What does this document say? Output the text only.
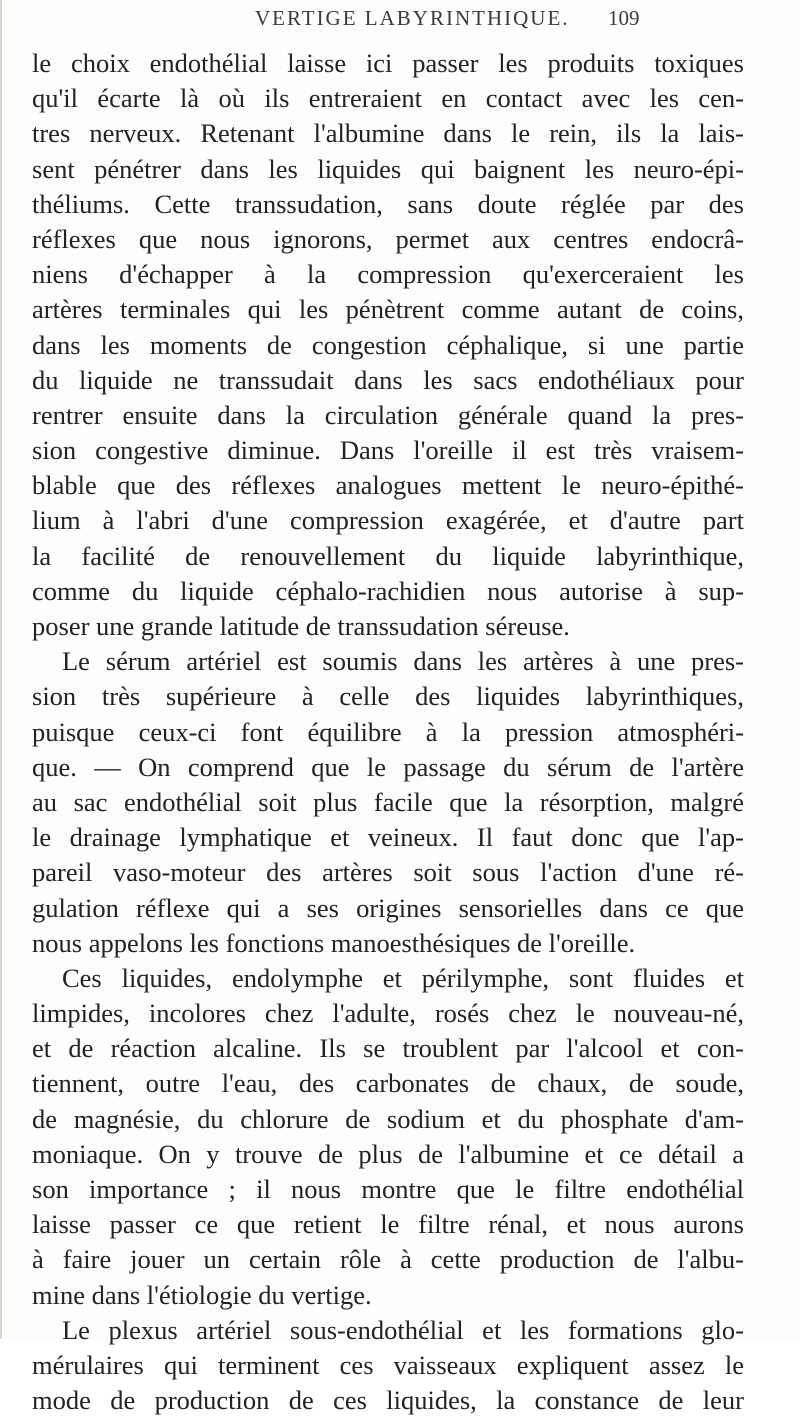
VERTIGE LABYRINTHIQUE. 109
le choix endothélial laisse ici passer les produits toxiques
qu'il écarte là où ils entreraient en contact avec les cen-
tres nerveux. Retenant l'albumine dans le rein, ils la lais-
sent pénétrer dans les liquides qui baignent les neuro-épi-
théliums. Cette transsudation, sans doute réglée par des
réflexes que nous ignorons, permet aux centres endocrâ-
niens d'échapper à la compression qu'exerceraient les
artères terminales qui les pénètrent comme autant de coins,
dans les moments de congestion céphalique, si une partie
du liquide ne transsudait dans les sacs endothéliaux pour
rentrer ensuite dans la circulation générale quand la pres-
sion congestive diminue. Dans l'oreille il est très vraisem-
blable que des réflexes analogues mettent le neuro-épithé-
lium à l'abri d'une compression exagérée, et d'autre part
la facilité de renouvellement du liquide labyrinthique,
comme du liquide céphalo-rachidien nous autorise à sup-
poser une grande latitude de transsudation séreuse.
Le sérum artériel est soumis dans les artères à une pres-
sion très supérieure à celle des liquides labyrinthiques,
puisque ceux-ci font équilibre à la pression atmosphéri-
que. — On comprend que le passage du sérum de l'artère
au sac endothélial soit plus facile que la résorption, malgré
le drainage lymphatique et veineux. Il faut donc que l'ap-
pareil vaso-moteur des artères soit sous l'action d'une ré-
gulation réflexe qui a ses origines sensorielles dans ce que
nous appelons les fonctions manoesthésiques de l'oreille.
Ces liquides, endolymphe et périlymphe, sont fluides et
limpides, incolores chez l'adulte, rosés chez le nouveau-né,
et de réaction alcaline. Ils se troublent par l'alcool et con-
tiennent, outre l'eau, des carbonates de chaux, de soude,
de magnésie, du chlorure de sodium et du phosphate d'am-
moniaque. On y trouve de plus de l'albumine et ce détail a
son importance ; il nous montre que le filtre endothélial
laisse passer ce que retient le filtre rénal, et nous aurons
à faire jouer un certain rôle à cette production de l'albu-
mine dans l'étiologie du vertige.
Le plexus artériel sous-endothélial et les formations glo-
mérulaires qui terminent ces vaisseaux expliquent assez le
mode de production de ces liquides, la constance de leur
